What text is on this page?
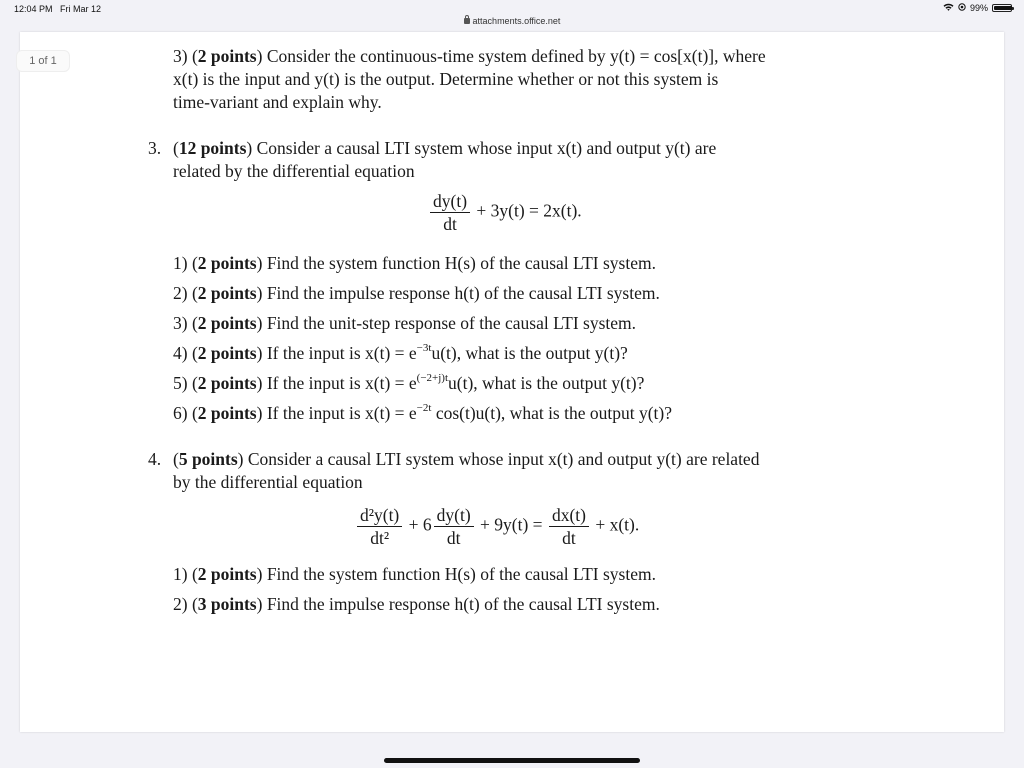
12:04 PM Fri Mar 12	99%
attachments.office.net
1 of 1	3) (2 points) Consider the continuous-time system defined by y(t) = cos[x(t)], where
x(t) is the input and y(t) is the output. Determine whether or not this system is
time-variant and explain why.
3. (12 points) Consider a causal LTI system whose input x(t) and output y(t) are
related by the differential equation
$\frac{dy(t)}{dt} + 3y(t) = 2x(t)$.
1) (2 points) Find the system function H(s) of the causal LTI system.
2) (2 points) Find the impulse response h(t) of the causal LTI system.
3) (2 points) Find the unit-step response of the causal LTI system.
4) (2 points) If the input is $x(t) = e^{-3t}u(t)$, what is the output y(t)?
5) (2 points) If the input is $x(t) = e^{(-2+j)t}u(t)$, what is the output y(t)?
6) (2 points) If the input is $x(t) = e^{-2t}$ cos(t)u(t), what is the output y(t)?
4. (5 points) Consider a causal LTI system whose input x(t) and output y(t) are related
by the differential equation
$\frac{\text{d²y(t)}}{\text{dt²}} + 6 \frac{dy(t)}{dt} + 9y(t) = \frac{dx(t)}{dt} + x(t)$.
1) (2 points) Find the system function H(s) of the causal LTI system.
2) (3 points) Find the impulse response h(t) of the causal LTI system.
